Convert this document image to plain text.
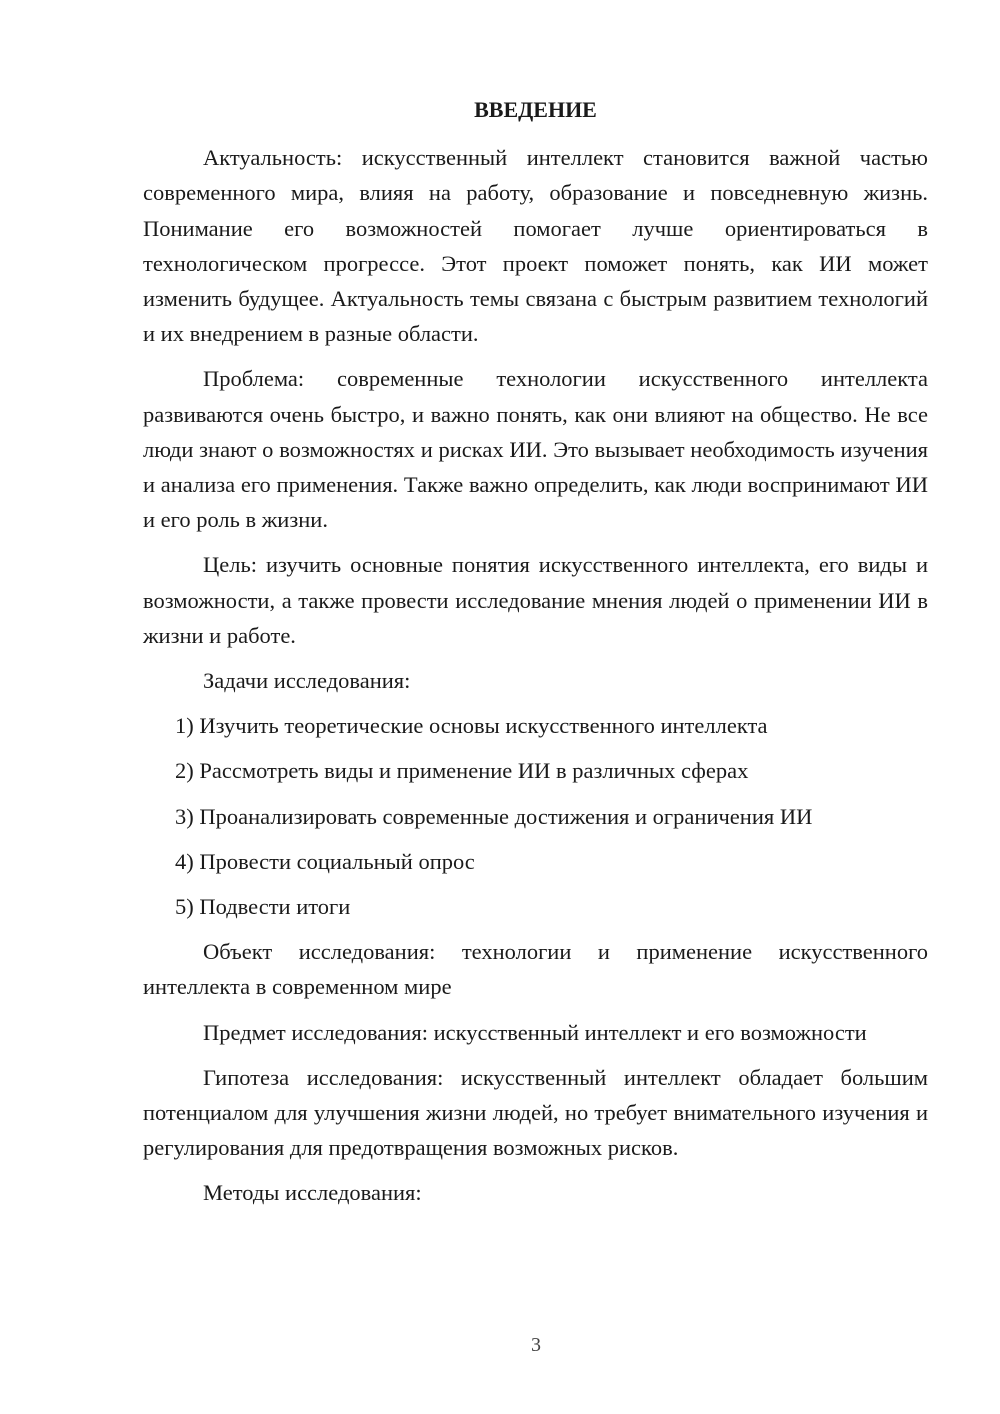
ВВЕДЕНИЕ

Актуальность: искусственный интеллект становится важной частью современного мира, влияя на работу, образование и повседневную жизнь. Понимание его возможностей помогает лучше ориентироваться в технологическом прогрессе. Этот проект поможет понять, как ИИ может изменить будущее. Актуальность темы связана с быстрым развитием технологий и их внедрением в разные области.

Проблема: современные технологии искусственного интеллекта развиваются очень быстро, и важно понять, как они влияют на общество. Не все люди знают о возможностях и рисках ИИ. Это вызывает необходимость изучения и анализа его применения. Также важно определить, как люди воспринимают ИИ и его роль в жизни.

Цель: изучить основные понятия искусственного интеллекта, его виды и возможности, а также провести исследование мнения людей о применении ИИ в жизни и работе.

Задачи исследования:

1) Изучить теоретические основы искусственного интеллекта
2) Рассмотреть виды и применение ИИ в различных сферах
3) Проанализировать современные достижения и ограничения ИИ
4) Провести социальный опрос
5) Подвести итоги

Объект исследования: технологии и применение искусственного интеллекта в современном мире

Предмет исследования: искусственный интеллект и его возможности

Гипотеза исследования: искусственный интеллект обладает большим потенциалом для улучшения жизни людей, но требует внимательного изучения и регулирования для предотвращения возможных рисков.

Методы исследования:

3
